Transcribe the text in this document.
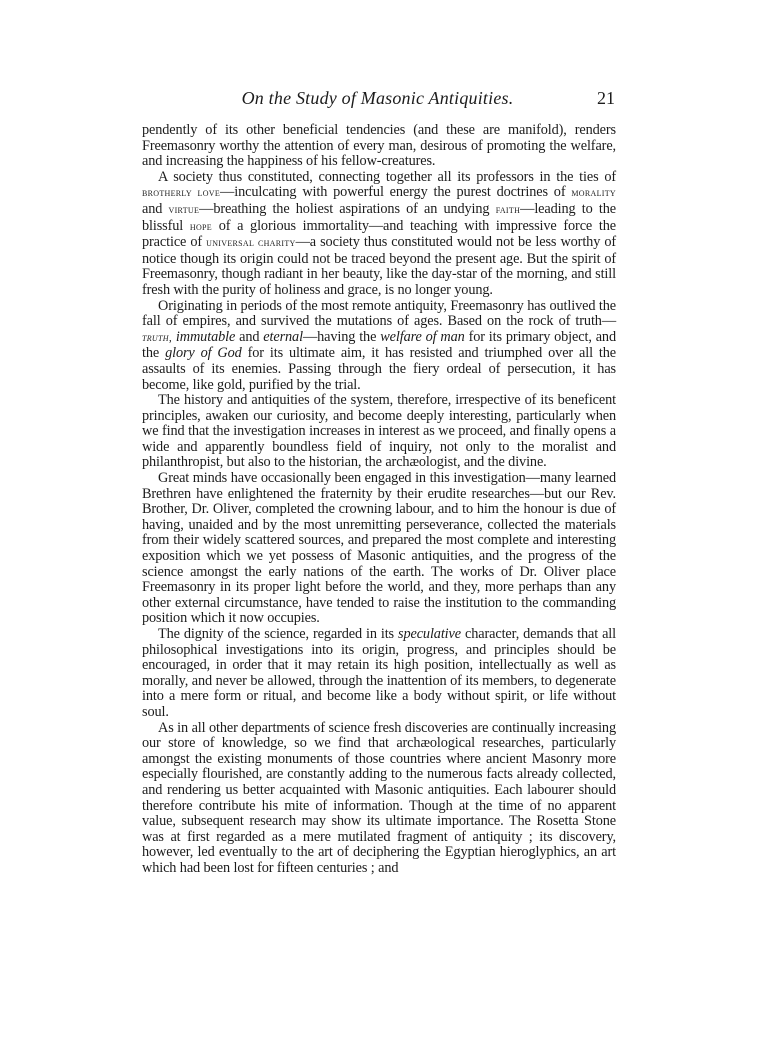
On the Study of Masonic Antiquities.	21

pendently of its other beneficial tendencies (and these are manifold), renders Freemasonry worthy the attention of every man, desirous of promoting the welfare, and increasing the happiness of his fellow-creatures.

A society thus constituted, connecting together all its professors in the ties of brotherly love—inculcating with powerful energy the purest doctrines of morality and virtue—breathing the holiest aspirations of an undying faith—leading to the blissful hope of a glorious immortality—and teaching with impressive force the practice of universal charity—a society thus constituted would not be less worthy of notice though its origin could not be traced beyond the present age. But the spirit of Freemasonry, though radiant in her beauty, like the day-star of the morning, and still fresh with the purity of holiness and grace, is no longer young.

Originating in periods of the most remote antiquity, Freemasonry has outlived the fall of empires, and survived the mutations of ages. Based on the rock of truth—truth, immutable and eternal—having the welfare of man for its primary object, and the glory of God for its ultimate aim, it has resisted and triumphed over all the assaults of its enemies. Passing through the fiery ordeal of persecution, it has become, like gold, purified by the trial.

The history and antiquities of the system, therefore, irrespective of its beneficent principles, awaken our curiosity, and become deeply interesting, particularly when we find that the investigation increases in interest as we proceed, and finally opens a wide and apparently boundless field of inquiry, not only to the moralist and philanthropist, but also to the historian, the archæologist, and the divine.

Great minds have occasionally been engaged in this investigation—many learned Brethren have enlightened the fraternity by their erudite researches—but our Rev. Brother, Dr. Oliver, completed the crowning labour, and to him the honour is due of having, unaided and by the most unremitting perseverance, collected the materials from their widely scattered sources, and prepared the most complete and interesting exposition which we yet possess of Masonic antiquities, and the progress of the science amongst the early nations of the earth. The works of Dr. Oliver place Freemasonry in its proper light before the world, and they, more perhaps than any other external circumstance, have tended to raise the institution to the commanding position which it now occupies.

The dignity of the science, regarded in its speculative character, demands that all philosophical investigations into its origin, progress, and principles should be encouraged, in order that it may retain its high position, intellectually as well as morally, and never be allowed, through the inattention of its members, to degenerate into a mere form or ritual, and become like a body without spirit, or life without soul.

As in all other departments of science fresh discoveries are continually increasing our store of knowledge, so we find that archæological researches, particularly amongst the existing monuments of those countries where ancient Masonry more especially flourished, are constantly adding to the numerous facts already collected, and rendering us better acquainted with Masonic antiquities. Each labourer should therefore contribute his mite of information. Though at the time of no apparent value, subsequent research may show its ultimate importance. The Rosetta Stone was at first regarded as a mere mutilated fragment of antiquity ; its discovery, however, led eventually to the art of deciphering the Egyptian hieroglyphics, an art which had been lost for fifteen centuries ; and
